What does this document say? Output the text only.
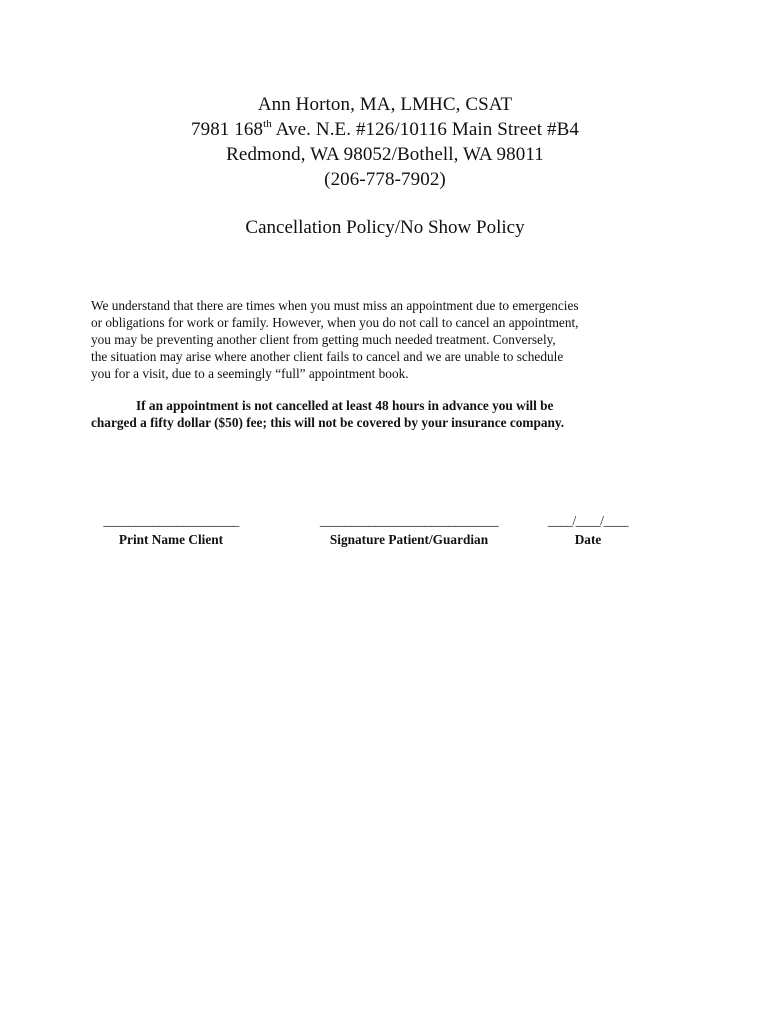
Ann Horton, MA, LMHC, CSAT
7981 168th Ave. N.E. #126/10116 Main Street #B4
Redmond, WA 98052/Bothell, WA 98011
(206-778-7902)
Cancellation Policy/No Show Policy
We understand that there are times when you must miss an appointment due to emergencies
or obligations for work or family. However, when you do not call to cancel an appointment,
you may be preventing another client from getting much needed treatment. Conversely,
the situation may arise where another client fails to cancel and we are unable to schedule
you for a visit, due to a seemingly “full” appointment book.
If an appointment is not cancelled at least 48 hours in advance you will be
charged a fifty dollar ($50) fee; this will not be covered by your insurance company.
______________________
Print Name Client
_____________________________
Signature Patient/Guardian
____/____/____
Date
